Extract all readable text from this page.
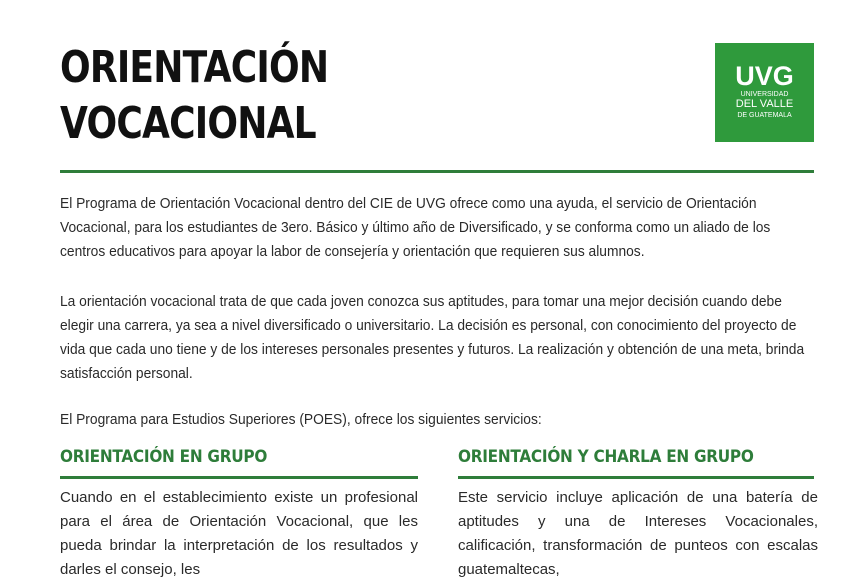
ORIENTACIÓN
VOCACIONAL
UVG
UNIVERSIDAD
DEL VALLE
DE GUATEMALA

El Programa de Orientación Vocacional dentro del CIE de UVG ofrece como una ayuda, el servicio de Orientación Vocacional, para los estudiantes de 3ero. Básico y último año de Diversificado, y se conforma como un aliado de los centros educativos para apoyar la labor de consejería y orientación que requieren sus alumnos.

La orientación vocacional trata de que cada joven conozca sus aptitudes, para tomar una mejor decisión cuando debe elegir una carrera, ya sea a nivel diversificado o universitario. La decisión es personal, con conocimiento del proyecto de vida que cada uno tiene y de los intereses personales presentes y futuros. La realización y obtención de una meta, brinda satisfacción personal.

El Programa para Estudios Superiores (POES), ofrece los siguientes servicios:

ORIENTACIÓN EN GRUPO

Cuando en el establecimiento existe un profesional para el área de Orientación Vocacional, que les pueda brindar la interpretación de los resultados y darles el consejo, les

ORIENTACIÓN Y CHARLA EN GRUPO

Este servicio incluye aplicación de una batería de aptitudes y una de Intereses Vocacionales, calificación, transformación de punteos con escalas guatemaltecas,
